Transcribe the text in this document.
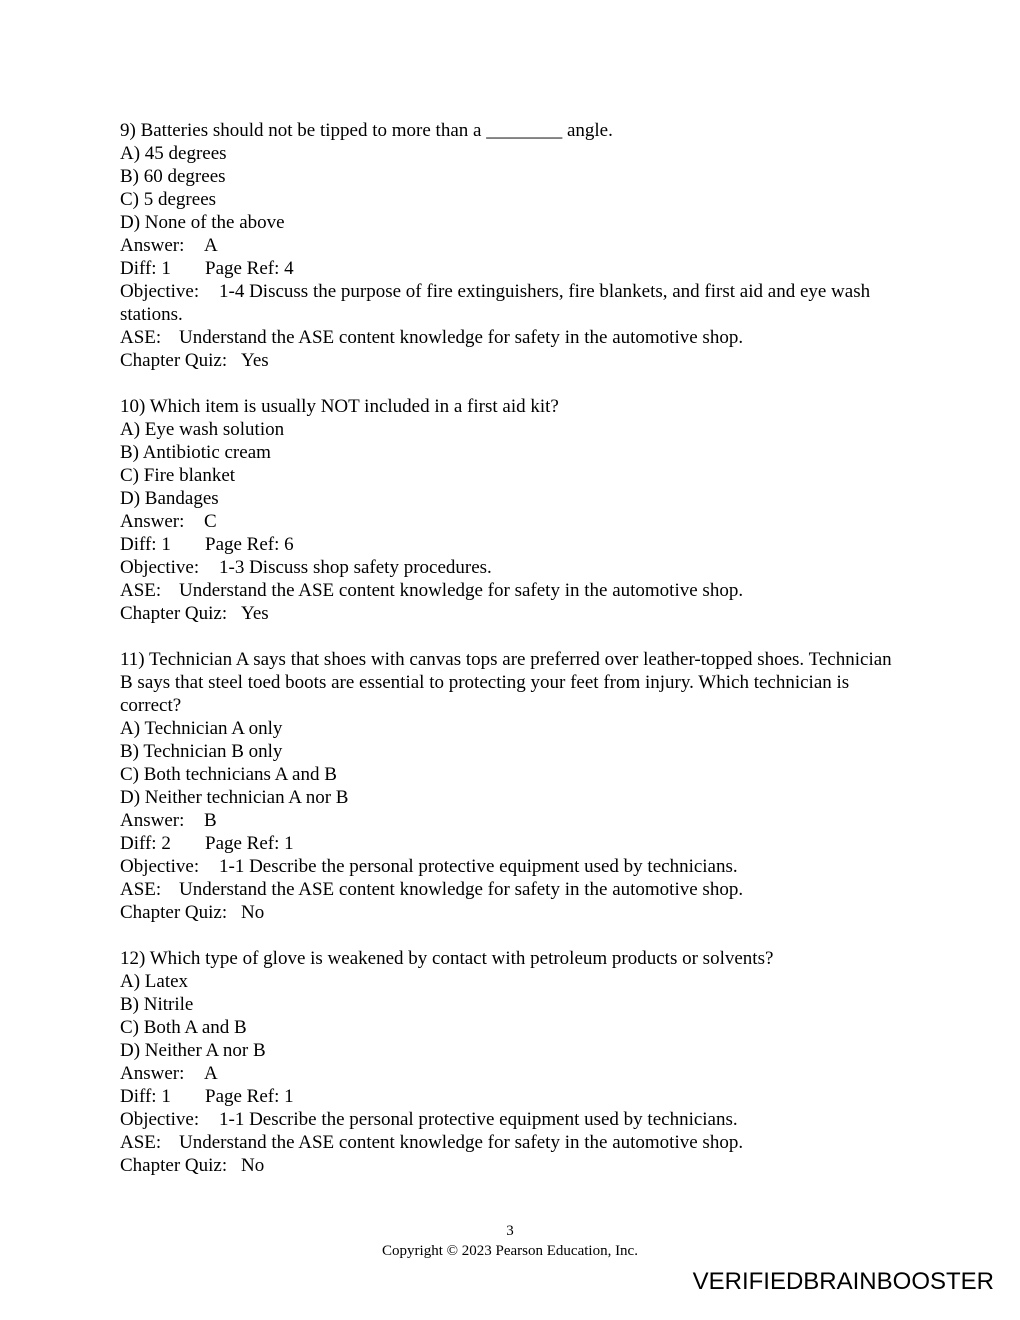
9) Batteries should not be tipped to more than a ________ angle.
A) 45 degrees
B) 60 degrees
C) 5 degrees
D) None of the above
Answer: A
Diff: 1 Page Ref: 4
Objective: 1-4 Discuss the purpose of fire extinguishers, fire blankets, and first aid and eye wash stations.
ASE: Understand the ASE content knowledge for safety in the automotive shop.
Chapter Quiz: Yes
10) Which item is usually NOT included in a first aid kit?
A) Eye wash solution
B) Antibiotic cream
C) Fire blanket
D) Bandages
Answer: C
Diff: 1 Page Ref: 6
Objective: 1-3 Discuss shop safety procedures.
ASE: Understand the ASE content knowledge for safety in the automotive shop.
Chapter Quiz: Yes
11) Technician A says that shoes with canvas tops are preferred over leather-topped shoes. Technician B says that steel toed boots are essential to protecting your feet from injury. Which technician is correct?
A) Technician A only
B) Technician B only
C) Both technicians A and B
D) Neither technician A nor B
Answer: B
Diff: 2 Page Ref: 1
Objective: 1-1 Describe the personal protective equipment used by technicians.
ASE: Understand the ASE content knowledge for safety in the automotive shop.
Chapter Quiz: No
12) Which type of glove is weakened by contact with petroleum products or solvents?
A) Latex
B) Nitrile
C) Both A and B
D) Neither A nor B
Answer: A
Diff: 1 Page Ref: 1
Objective: 1-1 Describe the personal protective equipment used by technicians.
ASE: Understand the ASE content knowledge for safety in the automotive shop.
Chapter Quiz: No
3
Copyright © 2023 Pearson Education, Inc.
VERIFIEDBRAINBOOSTER
